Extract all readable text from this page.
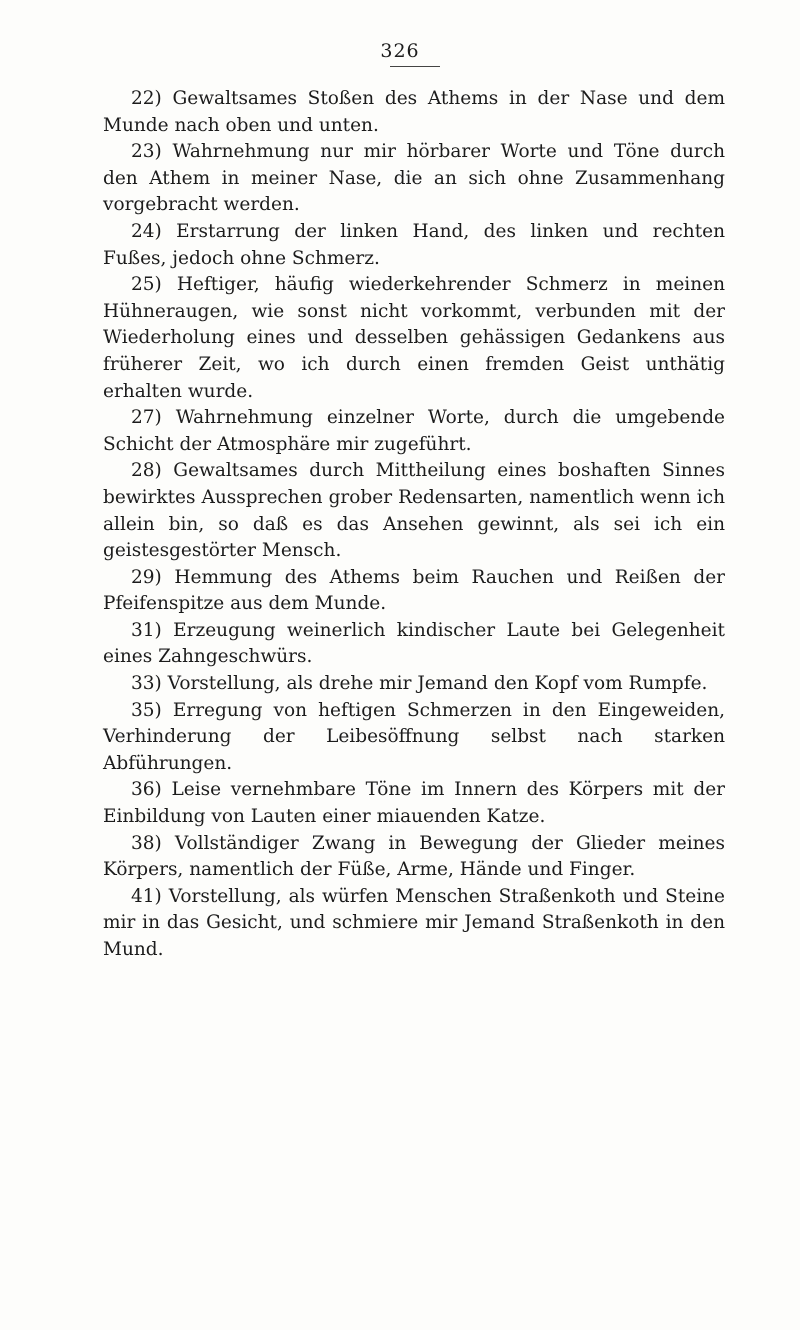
326

22) Gewaltsames Stoßen des Athems in der Nase und dem Munde nach oben und unten.

23) Wahrnehmung nur mir hörbarer Worte und Töne durch den Athem in meiner Nase, die an sich ohne Zusammenhang vorgebracht werden.

24) Erstarrung der linken Hand, des linken und rechten Fußes, jedoch ohne Schmerz.

25) Heftiger, häufig wiederkehrender Schmerz in meinen Hühneraugen, wie sonst nicht vorkommt, verbunden mit der Wiederholung eines und desselben gehässigen Gedankens aus früherer Zeit, wo ich durch einen fremden Geist unthätig erhalten wurde.

27) Wahrnehmung einzelner Worte, durch die umgebende Schicht der Atmosphäre mir zugeführt.

28) Gewaltsames durch Mittheilung eines boshaften Sinnes bewirktes Aussprechen grober Redensarten, namentlich wenn ich allein bin, so daß es das Ansehen gewinnt, als sei ich ein geistesgestörter Mensch.

29) Hemmung des Athems beim Rauchen und Reißen der Pfeifenspitze aus dem Munde.

31) Erzeugung weinerlich kindischer Laute bei Gelegenheit eines Zahngeschwürs.

33) Vorstellung, als drehe mir Jemand den Kopf vom Rumpfe.

35) Erregung von heftigen Schmerzen in den Eingeweiden, Verhinderung der Leibesöffnung selbst nach starken Abführungen.

36) Leise vernehmbare Töne im Innern des Körpers mit der Einbildung von Lauten einer miauenden Katze.

38) Vollständiger Zwang in Bewegung der Glieder meines Körpers, namentlich der Füße, Arme, Hände und Finger.

41) Vorstellung, als würfen Menschen Straßenkoth und Steine mir in das Gesicht, und schmiere mir Jemand Straßenkoth in den Mund.
